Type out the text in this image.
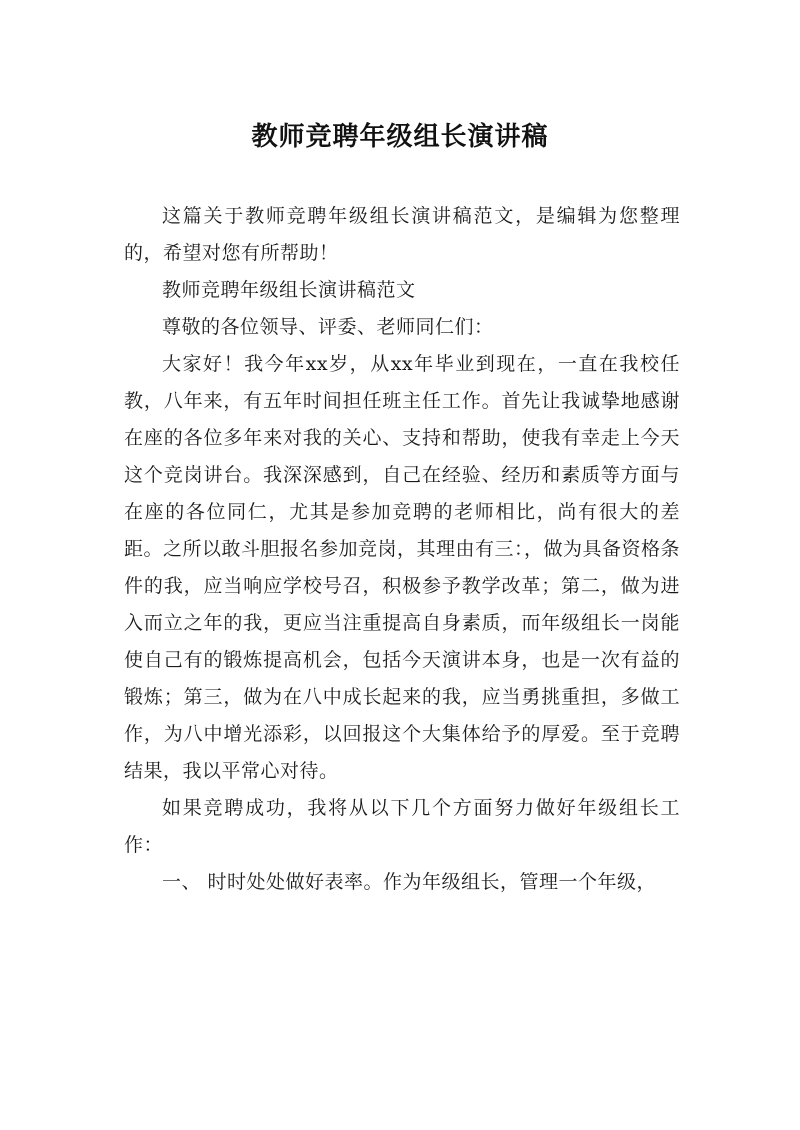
教师竞聘年级组长演讲稿

这篇关于教师竞聘年级组长演讲稿范文，是编辑为您整理的，希望对您有所帮助！

教师竞聘年级组长演讲稿范文

尊敬的各位领导、评委、老师同仁们：

大家好！我今年xx岁，从xx年毕业到现在，一直在我校任教，八年来，有五年时间担任班主任工作。首先让我诚挚地感谢在座的各位多年来对我的关心、支持和帮助，使我有幸走上今天这个竞岗讲台。我深深感到，自己在经验、经历和素质等方面与在座的各位同仁，尤其是参加竞聘的老师相比，尚有很大的差距。之所以敢斗胆报名参加竞岗，其理由有三：，做为具备资格条件的我，应当响应学校号召，积极参予教学改革；第二，做为进入而立之年的我，更应当注重提高自身素质，而年级组长一岗能使自己有的锻炼提高机会，包括今天演讲本身，也是一次有益的锻炼；第三，做为在八中成长起来的我，应当勇挑重担，多做工作，为八中增光添彩，以回报这个大集体给予的厚爱。至于竞聘结果，我以平常心对待。

如果竞聘成功，我将从以下几个方面努力做好年级组长工作：

一、 时时处处做好表率。作为年级组长，管理一个年级，
